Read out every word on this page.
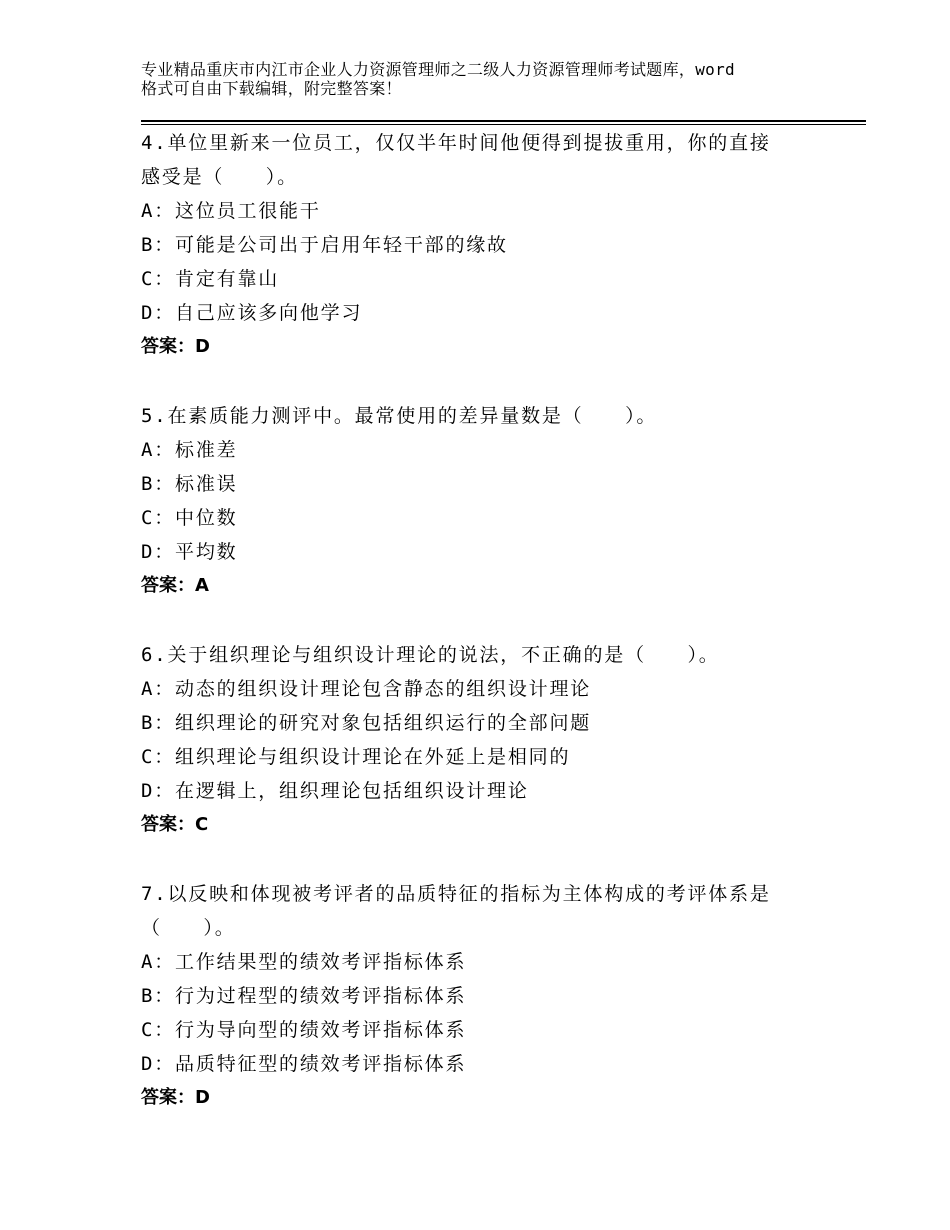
专业精品重庆市内江市企业人力资源管理师之二级人力资源管理师考试题库，word
格式可自由下载编辑，附完整答案！
4.单位里新来一位员工，仅仅半年时间他便得到提拔重用，你的直接
感受是（　　）。
A：这位员工很能干
B：可能是公司出于启用年轻干部的缘故
C：肯定有靠山
D：自己应该多向他学习
答案：D
5.在素质能力测评中。最常使用的差异量数是（　　）。
A：标准差
B：标准误
C：中位数
D：平均数
答案：A
6.关于组织理论与组织设计理论的说法，不正确的是（　　）。
A：动态的组织设计理论包含静态的组织设计理论
B：组织理论的研究对象包括组织运行的全部问题
C：组织理论与组织设计理论在外延上是相同的
D：在逻辑上，组织理论包括组织设计理论
答案：C
7.以反映和体现被考评者的品质特征的指标为主体构成的考评体系是
（　　）。
A：工作结果型的绩效考评指标体系
B：行为过程型的绩效考评指标体系
C：行为导向型的绩效考评指标体系
D：品质特征型的绩效考评指标体系
答案：D
